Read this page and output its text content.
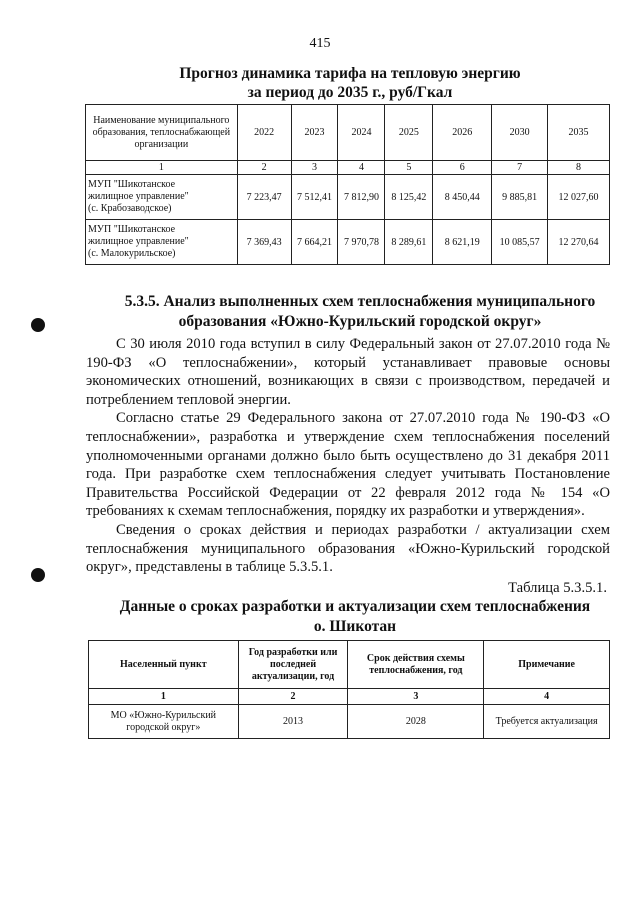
415
Прогноз динамика тарифа на тепловую энергию
за период до 2035 г., руб/Гкал
Наименование муниципального образования, теплоснабжающей организации	2022	2023	2024	2025	2026	2030	2035
1	2	3	4	5	6	7	8

МУП "Шикотанское
жилищное управление"
(с. Крабозаводское)	7 223,47	7 512,41	7 812,90	8 125,42	8 450,44	9 885,81	12 027,60

МУП "Шикотанское
жилищное управление"
(с. Малокурильское)	7 369,43	7 664,21	7 970,78	8 289,61	8 621,19	10 085,57	12 270,64
5.3.5. Анализ выполненных схем теплоснабжения муниципального
образования «Южно-Курильский городской округ»

С 30 июля 2010 года вступил в силу Федеральный закон от 27.07.2010 года № 190-ФЗ «О теплоснабжении», который устанавливает правовые основы экономических отношений, возникающих в связи с производством, передачей и потреблением тепловой энергии.

Согласно статье 29 Федерального закона от 27.07.2010 года № 190-ФЗ «О теплоснабжении», разработка и утверждение схем теплоснабжения поселений уполномоченными органами должно было быть осуществлено до 31 декабря 2011 года. При разработке схем теплоснабжения следует учитывать Постановление Правительства Российской Федерации от 22 февраля 2012 года № 154 «О требованиях к схемам теплоснабжения, порядку их разработки и утверждения».

Сведения о сроках действия и периодах разработки / актуализации схем теплоснабжения муниципального образования «Южно-Курильский городской округ», представлены в таблице 5.3.5.1.

Таблица 5.3.5.1.
Данные о сроках разработки и актуализации схем теплоснабжения
о. Шикотан
Населенный пункт	Год разработки или последней актуализации, год	Срок действия схемы теплоснабжения, год	Примечание
1	2	3	4
МО «Южно-Курильский городской округ»	2013	2028	Требуется актуализация
